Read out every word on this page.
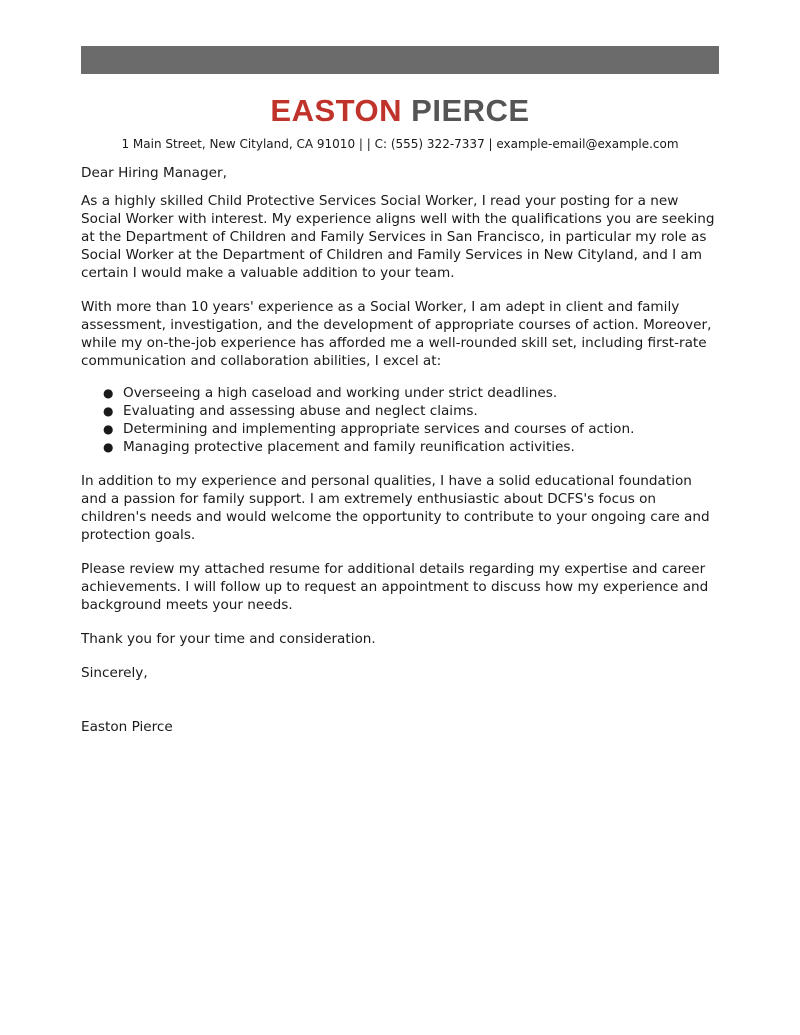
EASTON PIERCE
1 Main Street, New Cityland, CA 91010 | | C: (555) 322-7337 | example-email@example.com

Dear Hiring Manager,

As a highly skilled Child Protective Services Social Worker, I read your posting for a new Social Worker with interest. My experience aligns well with the qualifications you are seeking at the Department of Children and Family Services in San Francisco, in particular my role as Social Worker at the Department of Children and Family Services in New Cityland, and I am certain I would make a valuable addition to your team.

With more than 10 years' experience as a Social Worker, I am adept in client and family assessment, investigation, and the development of appropriate courses of action. Moreover, while my on-the-job experience has afforded me a well-rounded skill set, including first-rate communication and collaboration abilities, I excel at:

● Overseeing a high caseload and working under strict deadlines.
● Evaluating and assessing abuse and neglect claims.
● Determining and implementing appropriate services and courses of action.
● Managing protective placement and family reunification activities.

In addition to my experience and personal qualities, I have a solid educational foundation and a passion for family support. I am extremely enthusiastic about DCFS's focus on children's needs and would welcome the opportunity to contribute to your ongoing care and protection goals.

Please review my attached resume for additional details regarding my expertise and career achievements. I will follow up to request an appointment to discuss how my experience and background meets your needs.

Thank you for your time and consideration.

Sincerely,

Easton Pierce
